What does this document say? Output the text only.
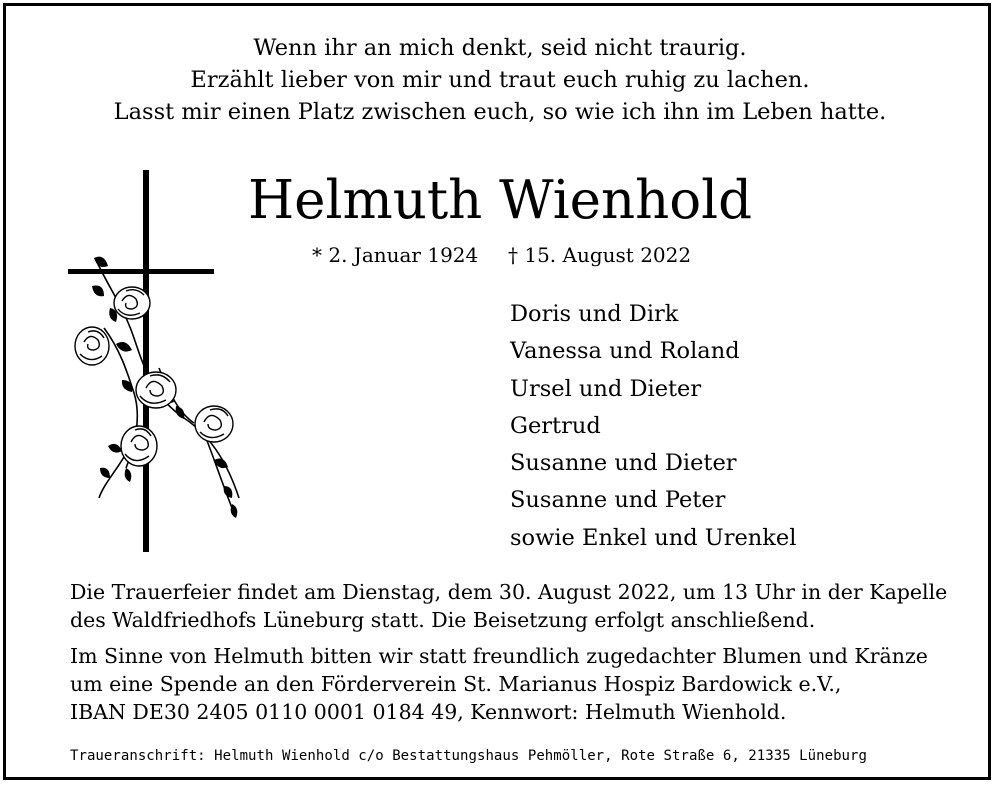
Wenn ihr an mich denkt, seid nicht traurig.
Erzählt lieber von mir und traut euch ruhig zu lachen.
Lasst mir einen Platz zwischen euch, so wie ich ihn im Leben hatte.
Helmuth Wienhold
* 2. Januar 1924 † 15. August 2022
Doris und Dirk
Vanessa und Roland
Ursel und Dieter
Gertrud
Susanne und Dieter
Susanne und Peter
sowie Enkel und Urenkel
Die Trauerfeier findet am Dienstag, dem 30. August 2022, um 13 Uhr in der Kapelle
des Waldfriedhofs Lüneburg statt. Die Beisetzung erfolgt anschließend.
Im Sinne von Helmuth bitten wir statt freundlich zugedachter Blumen und Kränze
um eine Spende an den Förderverein St. Marianus Hospiz Bardowick e.V.,
IBAN DE30 2405 0110 0001 0184 49, Kennwort: Helmuth Wienhold.
Traueranschrift: Helmuth Wienhold c/o Bestattungshaus Pehmöller, Rote Straße 6, 21335 Lüneburg
